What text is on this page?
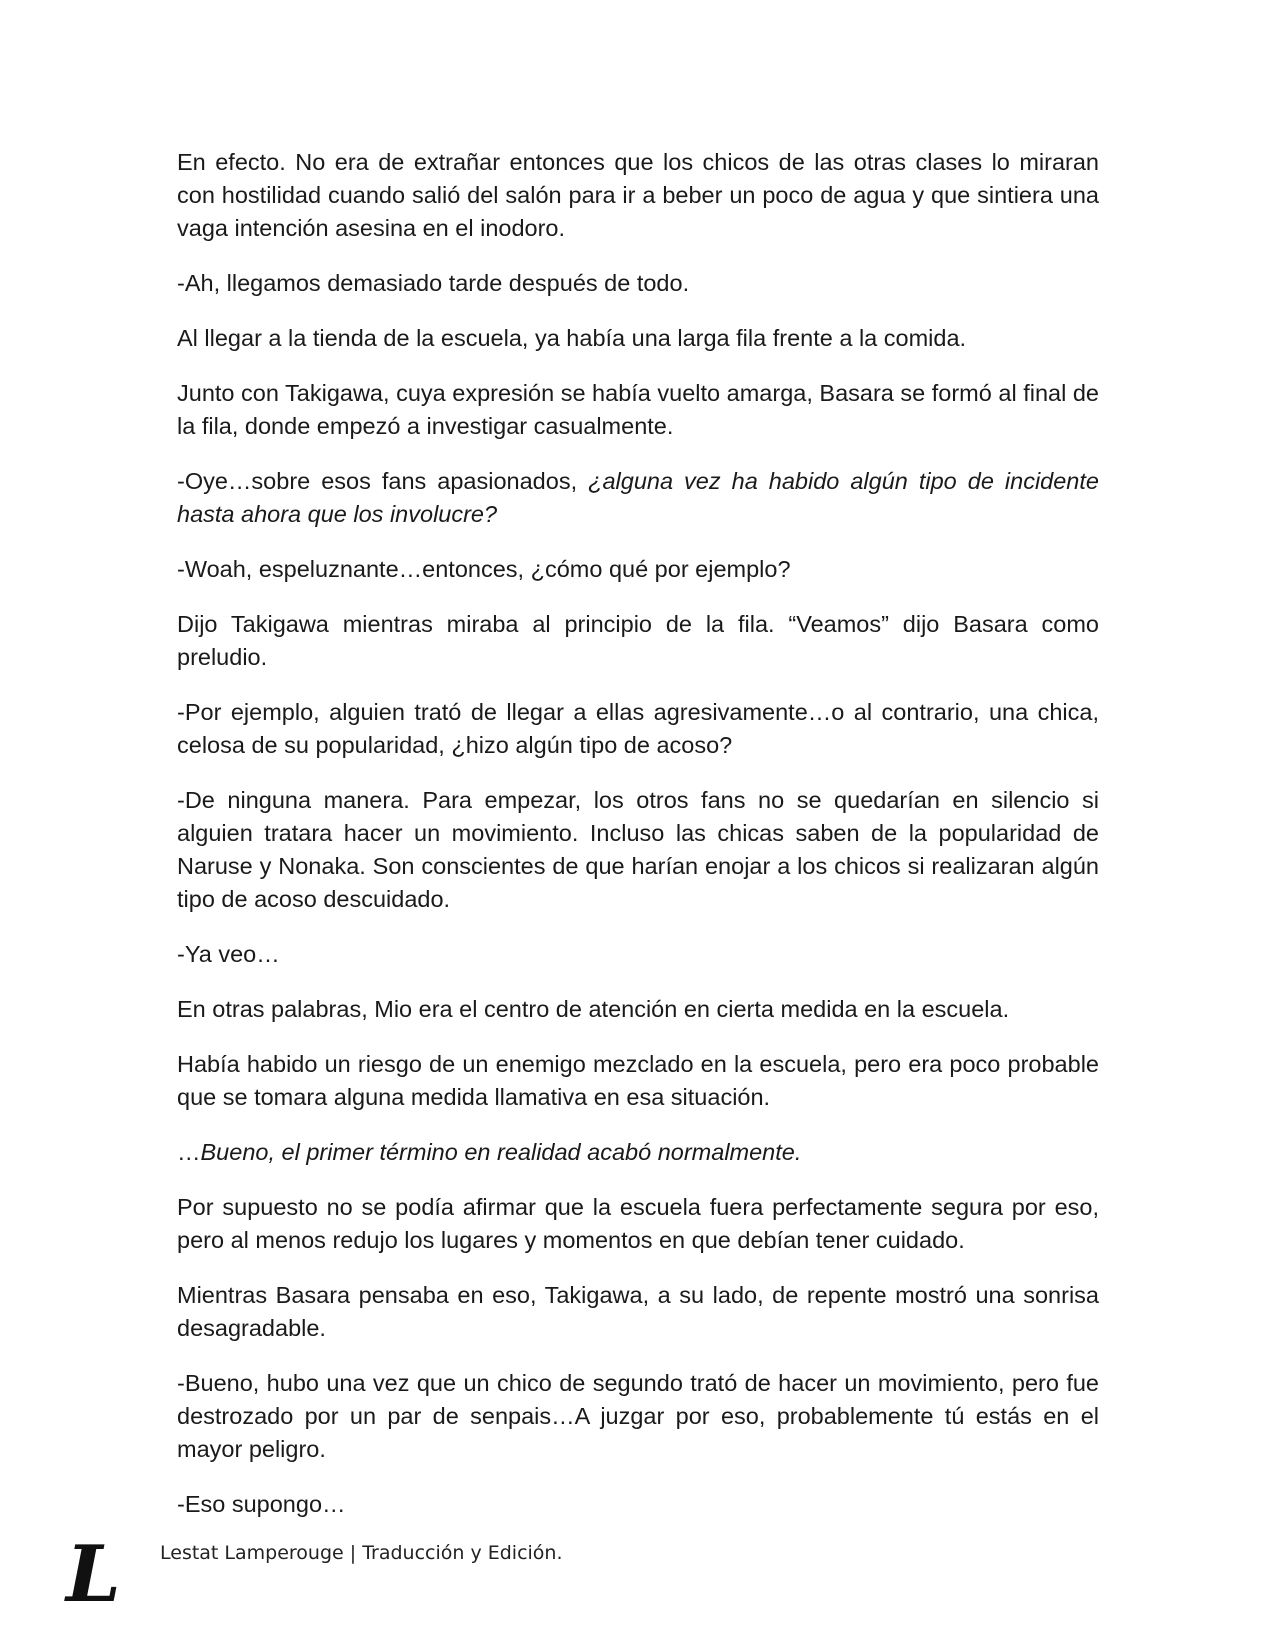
En efecto. No era de extrañar entonces que los chicos de las otras clases lo miraran con hostilidad cuando salió del salón para ir a beber un poco de agua y que sintiera una vaga intención asesina en el inodoro.

-Ah, llegamos demasiado tarde después de todo.

Al llegar a la tienda de la escuela, ya había una larga fila frente a la comida.

Junto con Takigawa, cuya expresión se había vuelto amarga, Basara se formó al final de la fila, donde empezó a investigar casualmente.

-Oye…sobre esos fans apasionados, ¿alguna vez ha habido algún tipo de incidente hasta ahora que los involucre?

-Woah, espeluznante…entonces, ¿cómo qué por ejemplo?

Dijo Takigawa mientras miraba al principio de la fila. “Veamos” dijo Basara como preludio.

-Por ejemplo, alguien trató de llegar a ellas agresivamente…o al contrario, una chica, celosa de su popularidad, ¿hizo algún tipo de acoso?

-De ninguna manera. Para empezar, los otros fans no se quedarían en silencio si alguien tratara hacer un movimiento. Incluso las chicas saben de la popularidad de Naruse y Nonaka. Son conscientes de que harían enojar a los chicos si realizaran algún tipo de acoso descuidado.

-Ya veo…

En otras palabras, Mio era el centro de atención en cierta medida en la escuela.

Había habido un riesgo de un enemigo mezclado en la escuela, pero era poco probable que se tomara alguna medida llamativa en esa situación.

…Bueno, el primer término en realidad acabó normalmente.

Por supuesto no se podía afirmar que la escuela fuera perfectamente segura por eso, pero al menos redujo los lugares y momentos en que debían tener cuidado.

Mientras Basara pensaba en eso, Takigawa, a su lado, de repente mostró una sonrisa desagradable.

-Bueno, hubo una vez que un chico de segundo trató de hacer un movimiento, pero fue destrozado por un par de senpais…A juzgar por eso, probablemente tú estás en el mayor peligro.

-Eso supongo…

L Lestat Lamperouge | Traducción y Edición.
